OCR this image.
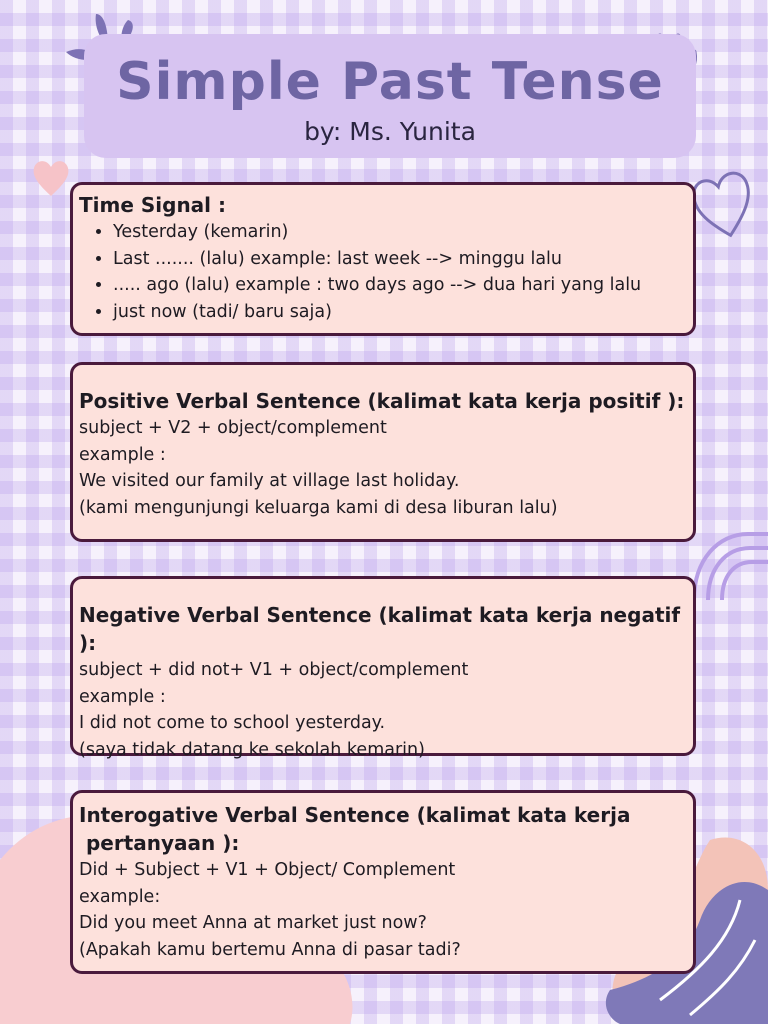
Simple Past Tense
by: Ms. Yunita
Time Signal :
• Yesterday (kemarin)
• Last ....... (lalu) example: last week --> minggu lalu
• ..... ago (lalu) example : two days ago --> dua hari yang lalu
• just now (tadi/ baru saja)
Positive Verbal Sentence (kalimat kata kerja positif ):
subject + V2 + object/complement
example :
We visited our family at village last holiday.
(kami mengunjungi keluarga kami di desa liburan lalu)
Negative Verbal Sentence (kalimat kata kerja negatif ):
subject + did not+ V1 + object/complement
example :
I did not come to school yesterday.
(saya tidak datang ke sekolah kemarin)
Interogative Verbal Sentence (kalimat kata kerja
pertanyaan ):
Did + Subject + V1 + Object/ Complement
example:
Did you meet Anna at market just now?
(Apakah kamu bertemu Anna di pasar tadi?
